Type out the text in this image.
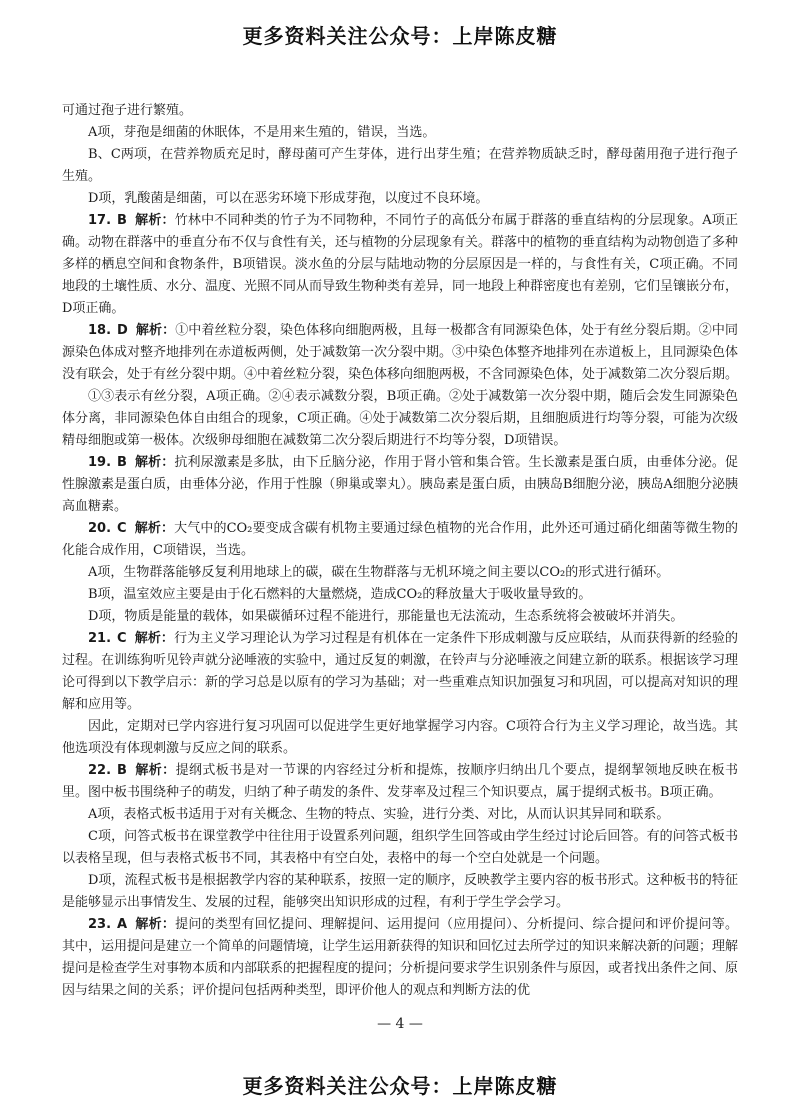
更多资料关注公众号：上岸陈皮糖

可通过孢子进行繁殖。

A项，芽孢是细菌的休眠体，不是用来生殖的，错误，当选。

B、C两项，在营养物质充足时，酵母菌可产生芽体，进行出芽生殖；在营养物质缺乏时，酵母菌用孢子进行孢子生殖。

D项，乳酸菌是细菌，可以在恶劣环境下形成芽孢，以度过不良环境。

17. B 解析：竹林中不同种类的竹子为不同物种，不同竹子的高低分布属于群落的垂直结构的分层现象。A项正确。动物在群落中的垂直分布不仅与食性有关，还与植物的分层现象有关。群落中的植物的垂直结构为动物创造了多种多样的栖息空间和食物条件，B项错误。淡水鱼的分层与陆地动物的分层原因是一样的，与食性有关，C项正确。不同地段的土壤性质、水分、温度、光照不同从而导致生物种类有差异，同一地段上种群密度也有差别，它们呈镶嵌分布，D项正确。

18. D 解析：①中着丝粒分裂，染色体移向细胞两极，且每一极都含有同源染色体，处于有丝分裂后期。②中同源染色体成对整齐地排列在赤道板两侧，处于减数第一次分裂中期。③中染色体整齐地排列在赤道板上，且同源染色体没有联会，处于有丝分裂中期。④中着丝粒分裂，染色体移向细胞两极，不含同源染色体，处于减数第二次分裂后期。

①③表示有丝分裂，A项正确。②④表示减数分裂，B项正确。②处于减数第一次分裂中期，随后会发生同源染色体分离，非同源染色体自由组合的现象，C项正确。④处于减数第二次分裂后期，且细胞质进行均等分裂，可能为次级精母细胞或第一极体。次级卵母细胞在减数第二次分裂后期进行不均等分裂，D项错误。

19. B 解析：抗利尿激素是多肽，由下丘脑分泌，作用于肾小管和集合管。生长激素是蛋白质，由垂体分泌。促性腺激素是蛋白质，由垂体分泌，作用于性腺（卵巢或睾丸）。胰岛素是蛋白质，由胰岛B细胞分泌，胰岛A细胞分泌胰高血糖素。

20. C 解析：大气中的CO₂要变成含碳有机物主要通过绿色植物的光合作用，此外还可通过硝化细菌等微生物的化能合成作用，C项错误，当选。

A项，生物群落能够反复利用地球上的碳，碳在生物群落与无机环境之间主要以CO₂的形式进行循环。

B项，温室效应主要是由于化石燃料的大量燃烧，造成CO₂的释放量大于吸收量导致的。

D项，物质是能量的载体，如果碳循环过程不能进行，那能量也无法流动，生态系统将会被破坏并消失。

21. C 解析：行为主义学习理论认为学习过程是有机体在一定条件下形成刺激与反应联结，从而获得新的经验的过程。在训练狗听见铃声就分泌唾液的实验中，通过反复的刺激，在铃声与分泌唾液之间建立新的联系。根据该学习理论可得到以下教学启示：新的学习总是以原有的学习为基础；对一些重难点知识加强复习和巩固，可以提高对知识的理解和应用等。

因此，定期对已学内容进行复习巩固可以促进学生更好地掌握学习内容。C项符合行为主义学习理论，故当选。其他选项没有体现刺激与反应之间的联系。

22. B 解析：提纲式板书是对一节课的内容经过分析和提炼，按顺序归纳出几个要点，提纲挈领地反映在板书里。图中板书围绕种子的萌发，归纳了种子萌发的条件、发芽率及过程三个知识要点，属于提纲式板书。B项正确。

A项，表格式板书适用于对有关概念、生物的特点、实验，进行分类、对比，从而认识其异同和联系。

C项，问答式板书在课堂教学中往往用于设置系列问题，组织学生回答或由学生经过讨论后回答。有的问答式板书以表格呈现，但与表格式板书不同，其表格中有空白处，表格中的每一个空白处就是一个问题。

D项，流程式板书是根据教学内容的某种联系，按照一定的顺序，反映教学主要内容的板书形式。这种板书的特征是能够显示出事情发生、发展的过程，能够突出知识形成的过程，有利于学生学会学习。

23. A 解析：提问的类型有回忆提问、理解提问、运用提问（应用提问）、分析提问、综合提问和评价提问等。其中，运用提问是建立一个简单的问题情境，让学生运用新获得的知识和回忆过去所学过的知识来解决新的问题；理解提问是检查学生对事物本质和内部联系的把握程度的提问；分析提问要求学生识别条件与原因，或者找出条件之间、原因与结果之间的关系；评价提问包括两种类型，即评价他人的观点和判断方法的优

— 4 —
更多资料关注公众号：上岸陈皮糖
